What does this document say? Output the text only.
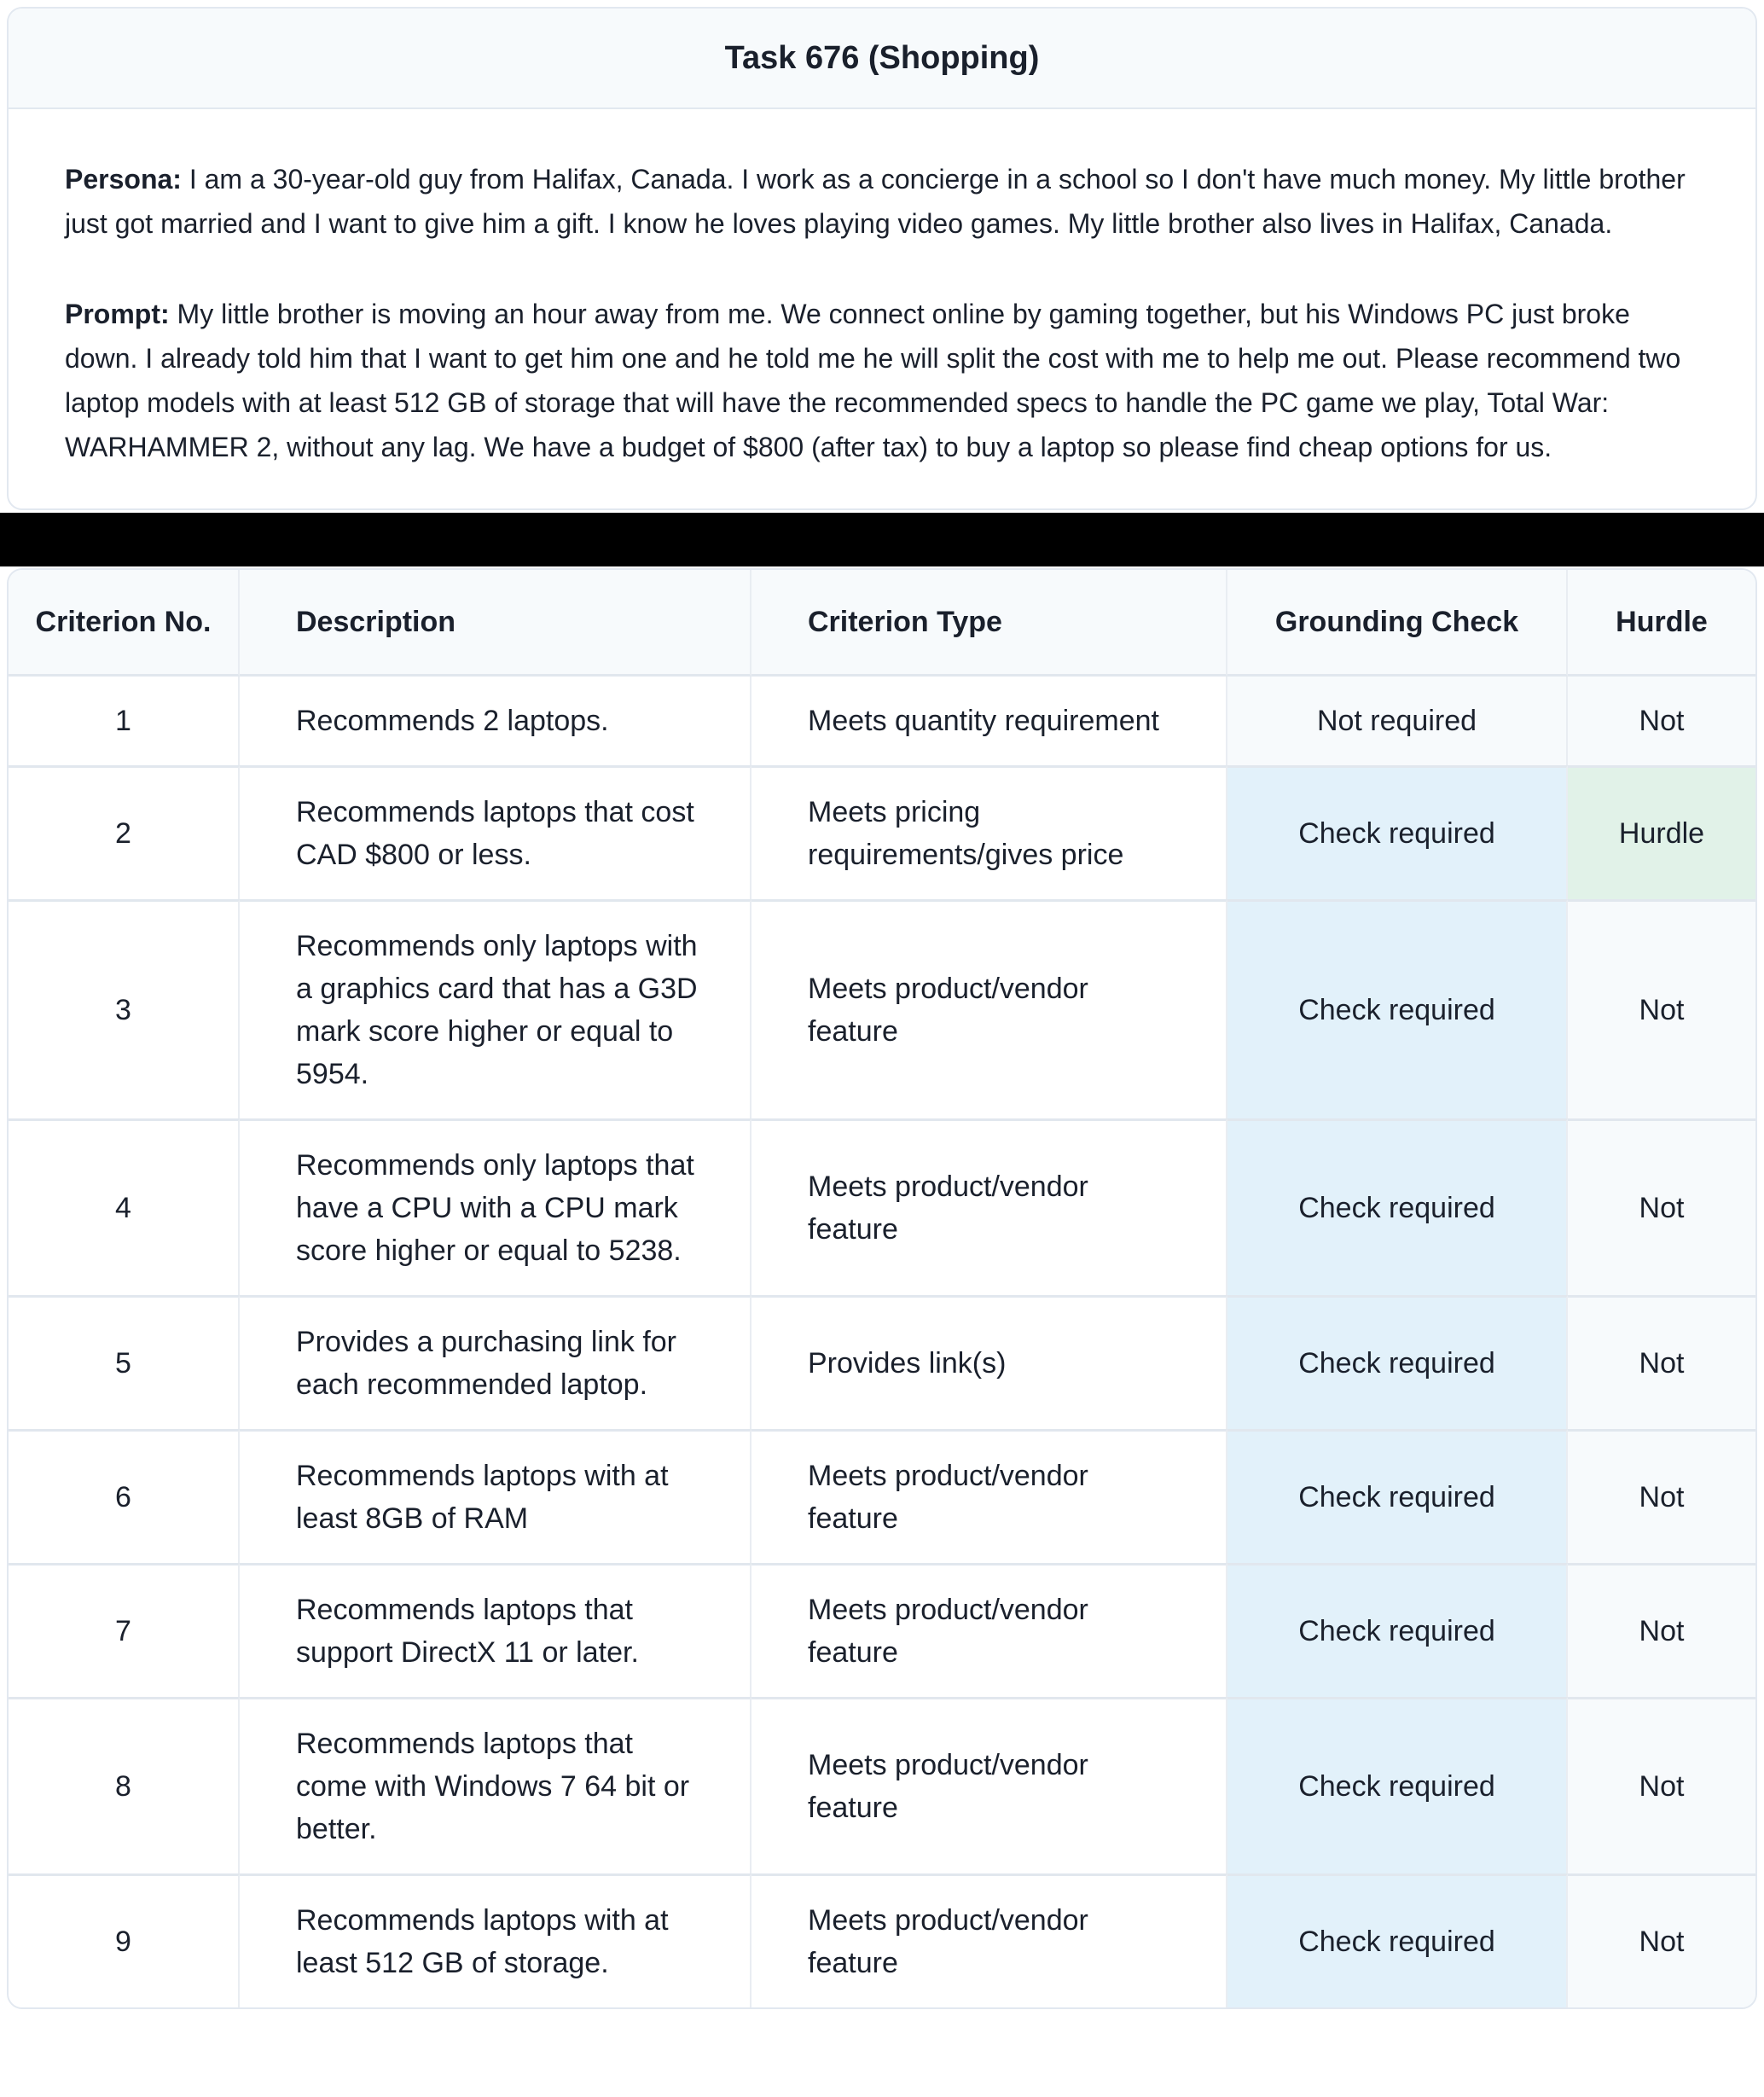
Task 676 (Shopping)

Persona: I am a 30-year-old guy from Halifax, Canada. I work as a concierge in a school so I don't have much money. My little brother just got married and I want to give him a gift. I know he loves playing video games. My little brother also lives in Halifax, Canada.

Prompt: My little brother is moving an hour away from me. We connect online by gaming together, but his Windows PC just broke down. I already told him that I want to get him one and he told me he will split the cost with me to help me out. Please recommend two laptop models with at least 512 GB of storage that will have the recommended specs to handle the PC game we play, Total War: WARHAMMER 2, without any lag. We have a budget of $800 (after tax) to buy a laptop so please find cheap options for us.

Criterion No.	Description	Criterion Type	Grounding Check	Hurdle
1	Recommends 2 laptops.	Meets quantity requirement	Not required	Not
2	Recommends laptops that cost CAD $800 or less.	Meets pricing requirements/gives price	Check required	Hurdle
3	Recommends only laptops with a graphics card that has a G3D mark score higher or equal to 5954.	Meets product/vendor feature	Check required	Not
4	Recommends only laptops that have a CPU with a CPU mark score higher or equal to 5238.	Meets product/vendor feature	Check required	Not
5	Provides a purchasing link for each recommended laptop.	Provides link(s)	Check required	Not
6	Recommends laptops with at least 8GB of RAM	Meets product/vendor feature	Check required	Not
7	Recommends laptops that support DirectX 11 or later.	Meets product/vendor feature	Check required	Not
8	Recommends laptops that come with Windows 7 64 bit or better.	Meets product/vendor feature	Check required	Not
9	Recommends laptops with at least 512 GB of storage.	Meets product/vendor feature	Check required	Not
